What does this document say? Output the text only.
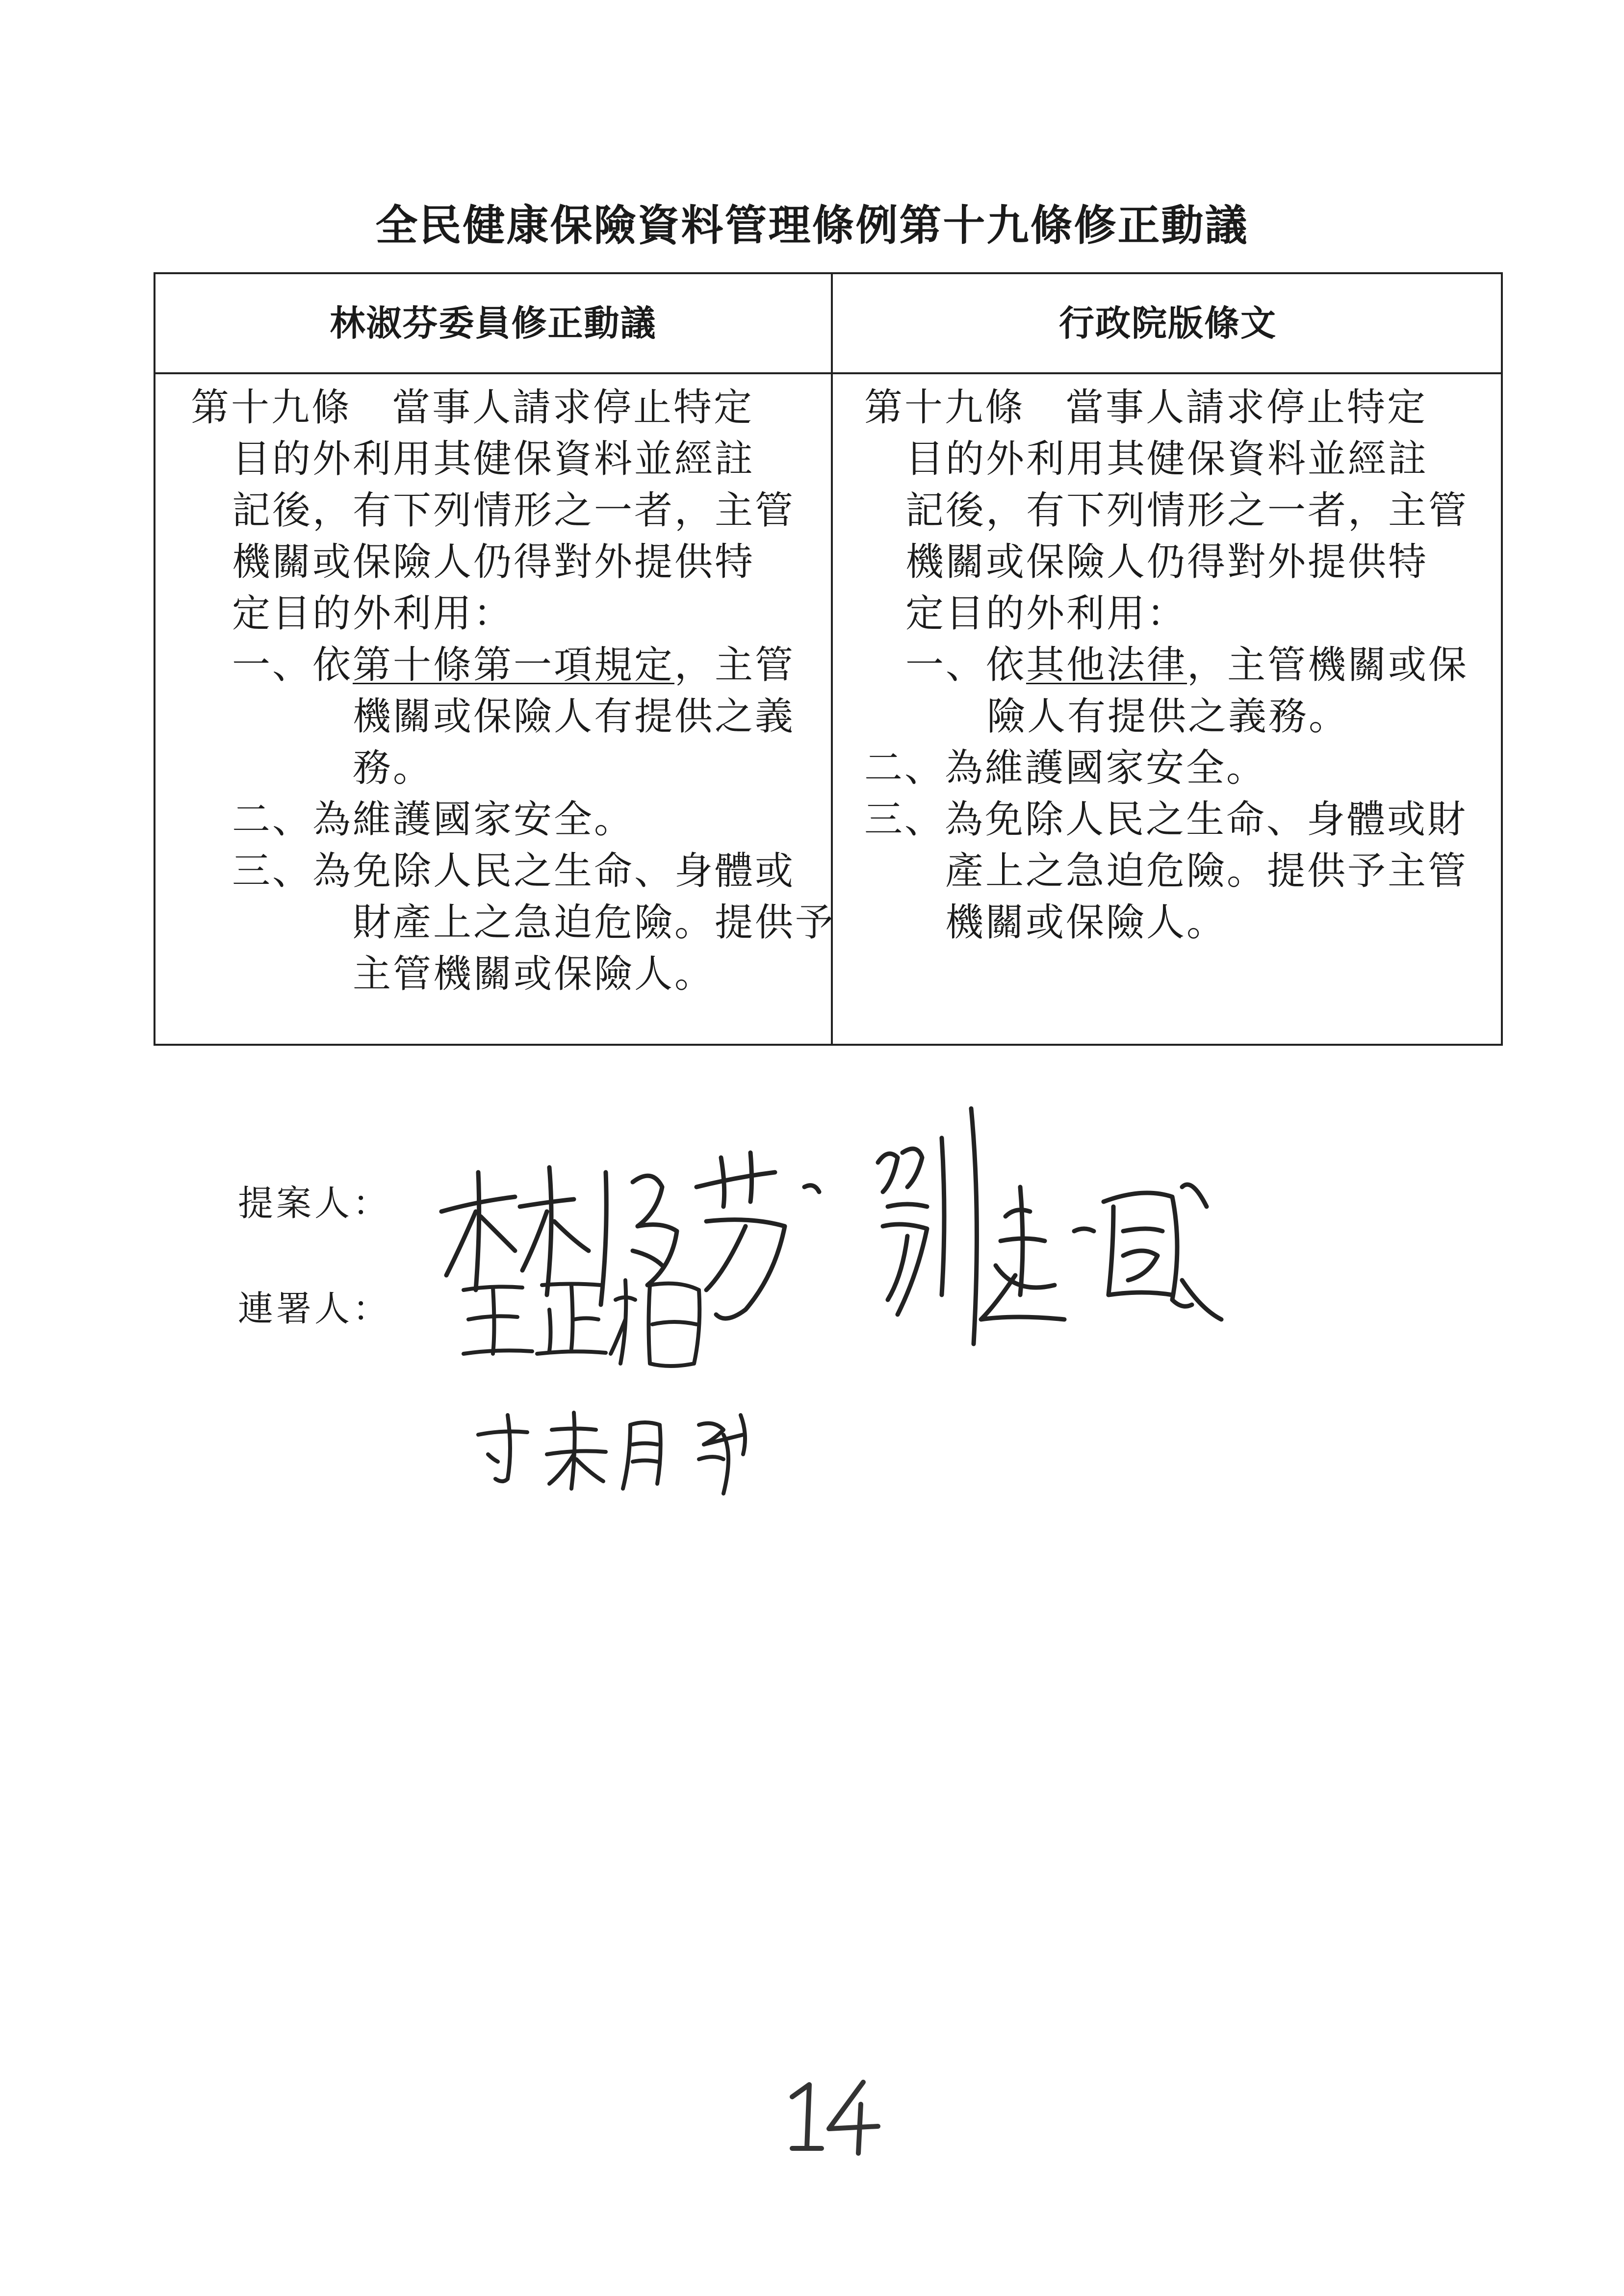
全民健康保險資料管理條例第十九條修正動議
林淑芬委員修正動議	行政院版條文
第十九條　當事人請求停止特定
目的外利用其健保資料並經註
記後，有下列情形之一者，主管
機關或保險人仍得對外提供特
定目的外利用：
一、依第十條第一項規定，主管
機關或保險人有提供之義
務。
二、為維護國家安全。
三、為免除人民之生命、身體或
財產上之急迫危險。提供予
主管機關或保險人。
第十九條　當事人請求停止特定
目的外利用其健保資料並經註
記後，有下列情形之一者，主管
機關或保險人仍得對外提供特
定目的外利用：
一、依其他法律，主管機關或保
險人有提供之義務。
二、為維護國家安全。
三、為免除人民之生命、身體或財
產上之急迫危險。提供予主管
機關或保險人。
提案人：
連署人：
